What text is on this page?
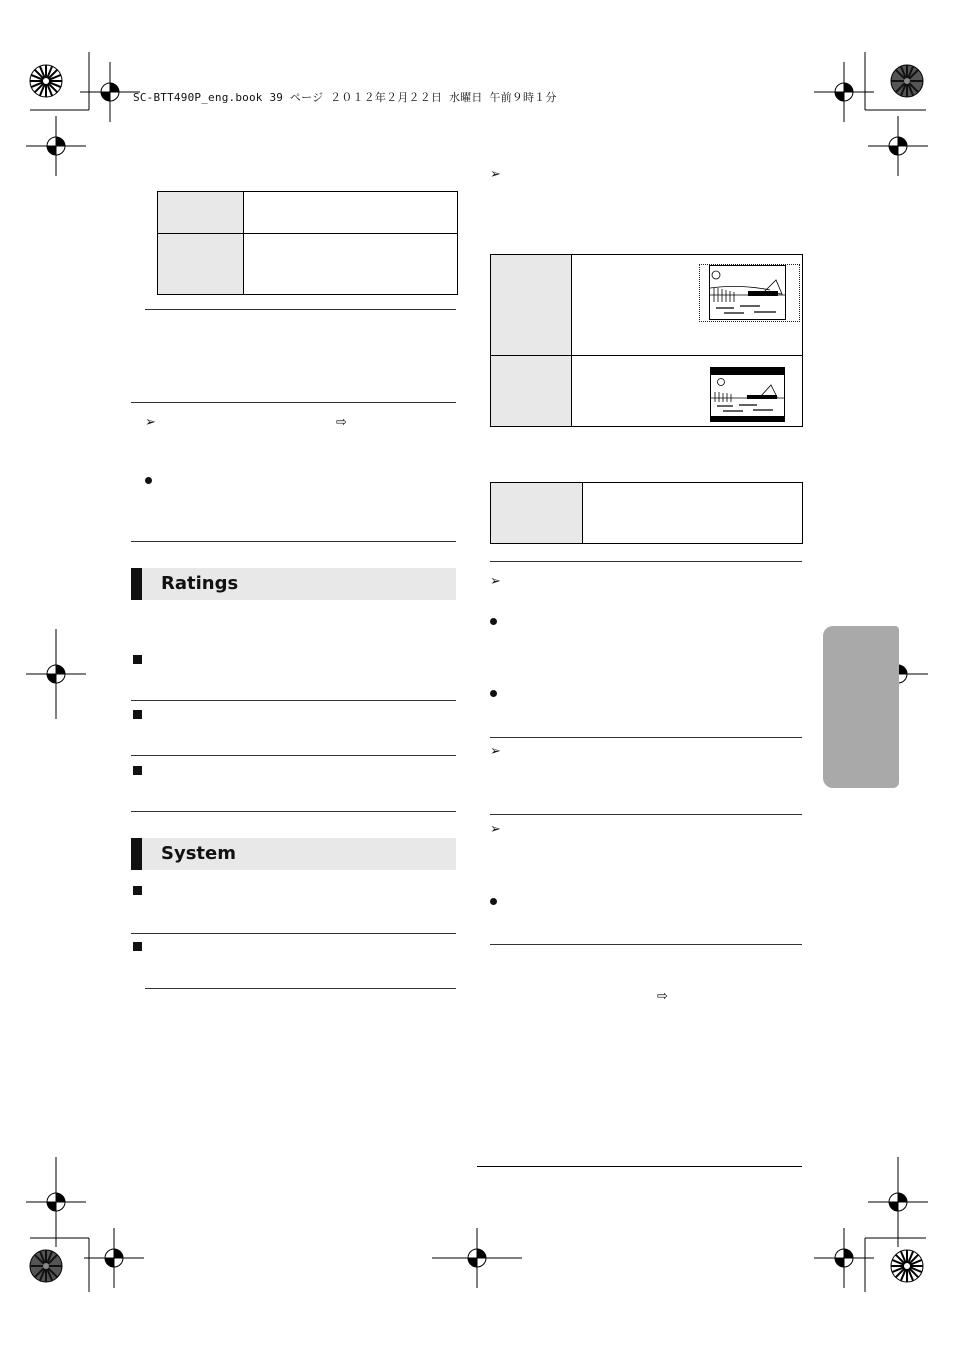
SC-BTT490P_eng.book 39 ページ ２０１２年２月２２日 水曜日 午前９時１分
➢	⇨
Ratings
System
➢
➢
➢
➢
⇨
